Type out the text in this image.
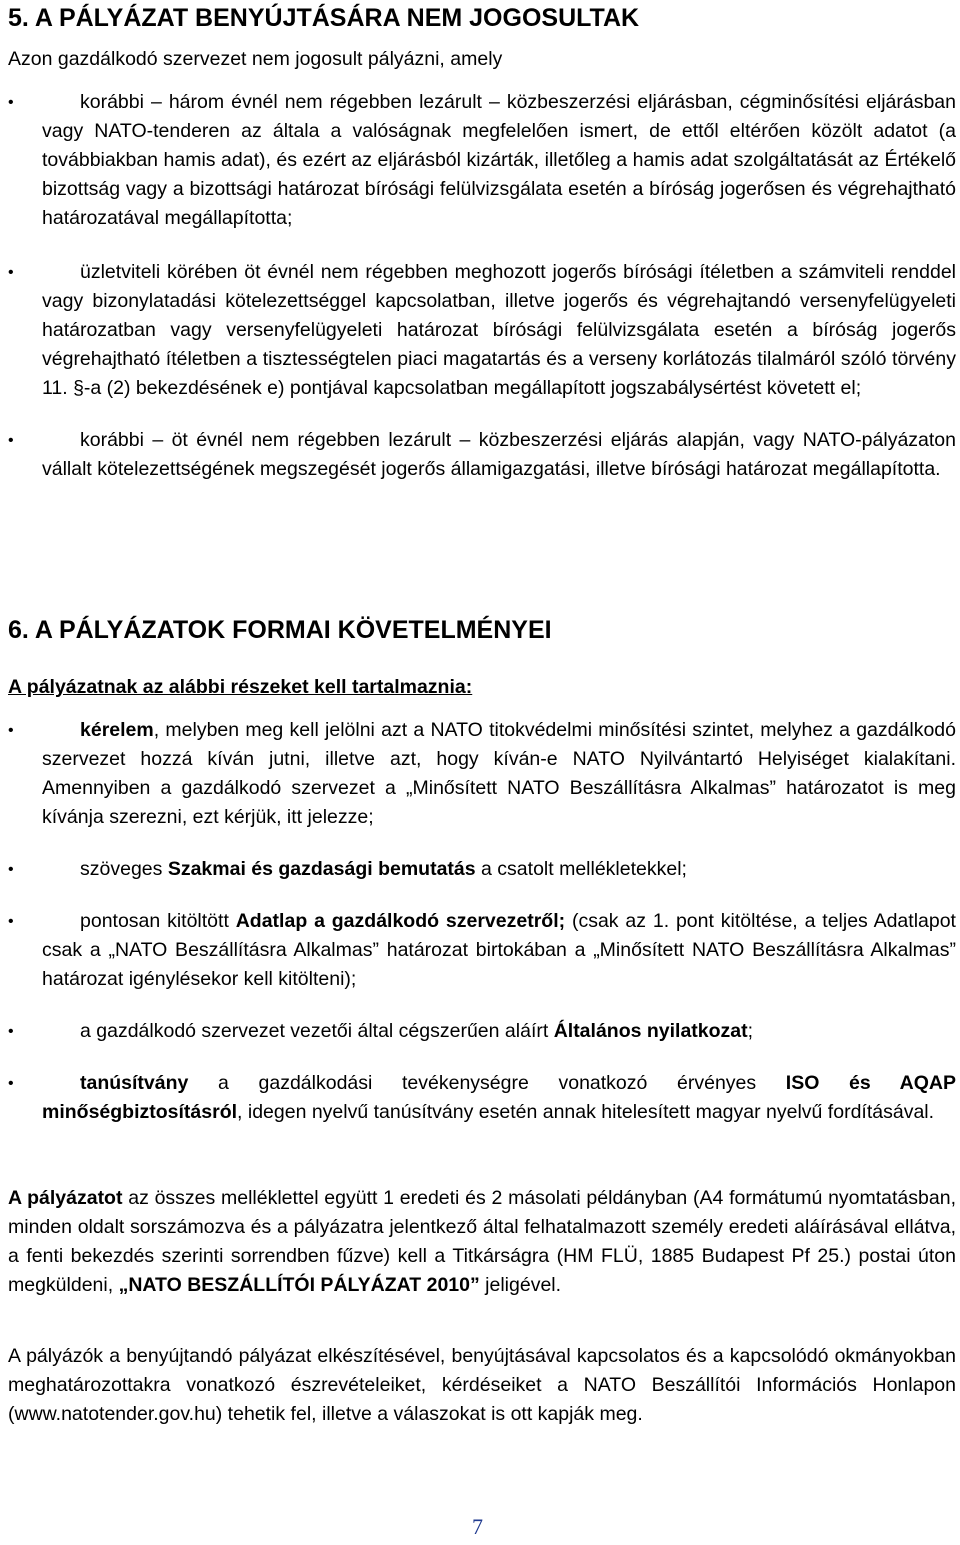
5. A PÁLYÁZAT BENYÚJTÁSÁRA NEM JOGOSULTAK
Azon gazdálkodó szervezet nem jogosult pályázni, amely

•	korábbi – három évnél nem régebben lezárult – közbeszerzési eljárásban, cégminősítési eljárásban vagy NATO-tenderen az általa a valóságnak megfelelően ismert, de ettől eltérően közölt adatot (a továbbiakban hamis adat), és ezért az eljárásból kizárták, illetőleg a hamis adat szolgáltatását az Értékelő bizottság vagy a bizottsági határozat bírósági felülvizsgálata esetén a bíróság jogerősen és végrehajtható határozatával megállapította;

•	üzletviteli körében öt évnél nem régebben meghozott jogerős bírósági ítéletben a számviteli renddel vagy bizonylatadási kötelezettséggel kapcsolatban, illetve jogerős és végrehajtandó versenyfelügyeleti határozatban vagy versenyfelügyeleti határozat bírósági felülvizsgálata esetén a bíróság jogerős végrehajtható ítéletben a tisztességtelen piaci magatartás és a verseny korlátozás tilalmáról szóló törvény 11. §-a (2) bekezdésének e) pontjával kapcsolatban megállapított jogszabálysértést követett el;

•	korábbi – öt évnél nem régebben lezárult – közbeszerzési eljárás alapján, vagy NATO-pályázaton vállalt kötelezettségének megszegését jogerős államigazgatási, illetve bírósági határozat megállapította.

6. A PÁLYÁZATOK FORMAI KÖVETELMÉNYEI
A pályázatnak az alábbi részeket kell tartalmaznia:

•	kérelem, melyben meg kell jelölni azt a NATO titokvédelmi minősítési szintet, melyhez a gazdálkodó szervezet hozzá kíván jutni, illetve azt, hogy kíván-e NATO Nyilvántartó Helyiséget kialakítani. Amennyiben a gazdálkodó szervezet a „Minősített NATO Beszállításra Alkalmas” határozatot is meg kívánja szerezni, ezt kérjük, itt jelezze;

•	szöveges Szakmai és gazdasági bemutatás a csatolt mellékletekkel;

•	pontosan kitöltött Adatlap a gazdálkodó szervezetről; (csak az 1. pont kitöltése, a teljes Adatlapot csak a „NATO Beszállításra Alkalmas” határozat birtokában a „Minősített NATO Beszállításra Alkalmas” határozat igénylésekor kell kitölteni);

•	a gazdálkodó szervezet vezetői által cégszerűen aláírt Általános nyilatkozat;

•	tanúsítvány a gazdálkodási tevékenységre vonatkozó érvényes ISO és AQAP minőségbiztosításról, idegen nyelvű tanúsítvány esetén annak hitelesített magyar nyelvű fordításával.

A pályázatot az összes melléklettel együtt 1 eredeti és 2 másolati példányban (A4 formátumú nyomtatásban, minden oldalt sorszámozva és a pályázatra jelentkező által felhatalmazott személy eredeti aláírásával ellátva, a fenti bekezdés szerinti sorrendben fűzve) kell a Titkárságra (HM FLÜ, 1885 Budapest Pf 25.) postai úton megküldeni, „NATO BESZÁLLÍTÓI PÁLYÁZAT 2010” jeligével.

A pályázók a benyújtandó pályázat elkészítésével, benyújtásával kapcsolatos és a kapcsolódó okmányokban meghatározottakra vonatkozó észrevételeiket, kérdéseiket a NATO Beszállítói Információs Honlapon (www.natotender.gov.hu) tehetik fel, illetve a válaszokat is ott kapják meg.

7
